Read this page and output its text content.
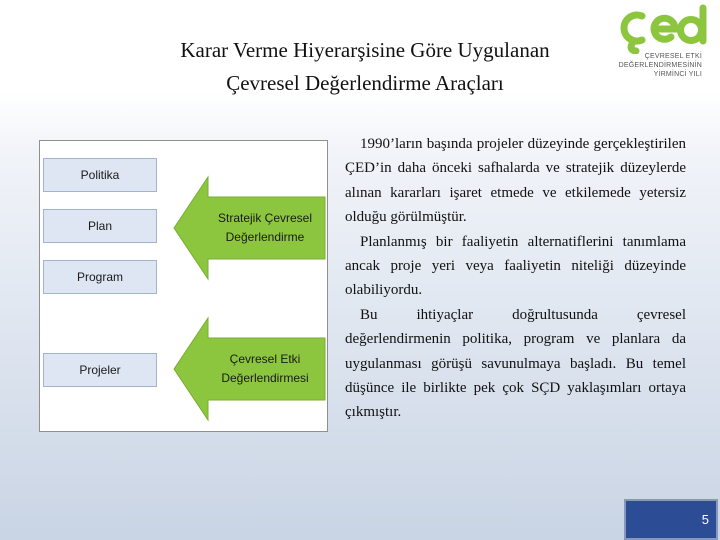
Karar Verme Hiyerarşisine Göre Uygulanan
Çevresel Değerlendirme Araçları
ÇEVRESEL ETKİ
DEĞERLENDİRMESİNİN
YİRMİNCİ YILI
Politika
Plan
Program
Projeler
Stratejik Çevresel
Değerlendirme
Çevresel Etki
Değerlendirmesi

1990’ların başında projeler düzeyinde gerçekleştirilen ÇED’in daha önceki safhalarda ve stratejik düzeylerde alınan kararları işaret etmede ve etkilemede yetersiz olduğu görülmüştür.

Planlanmış bir faaliyetin alternatiflerini tanımlama ancak proje yeri veya faaliyetin niteliği düzeyinde olabiliyordu.

Bu ihtiyaçlar doğrultusunda çevresel değerlendirmenin politika, program ve planlara da uygulanması görüşü savunulmaya başladı. Bu temel düşünce ile birlikte pek çok SÇD yaklaşımları ortaya çıkmıştır.

5
